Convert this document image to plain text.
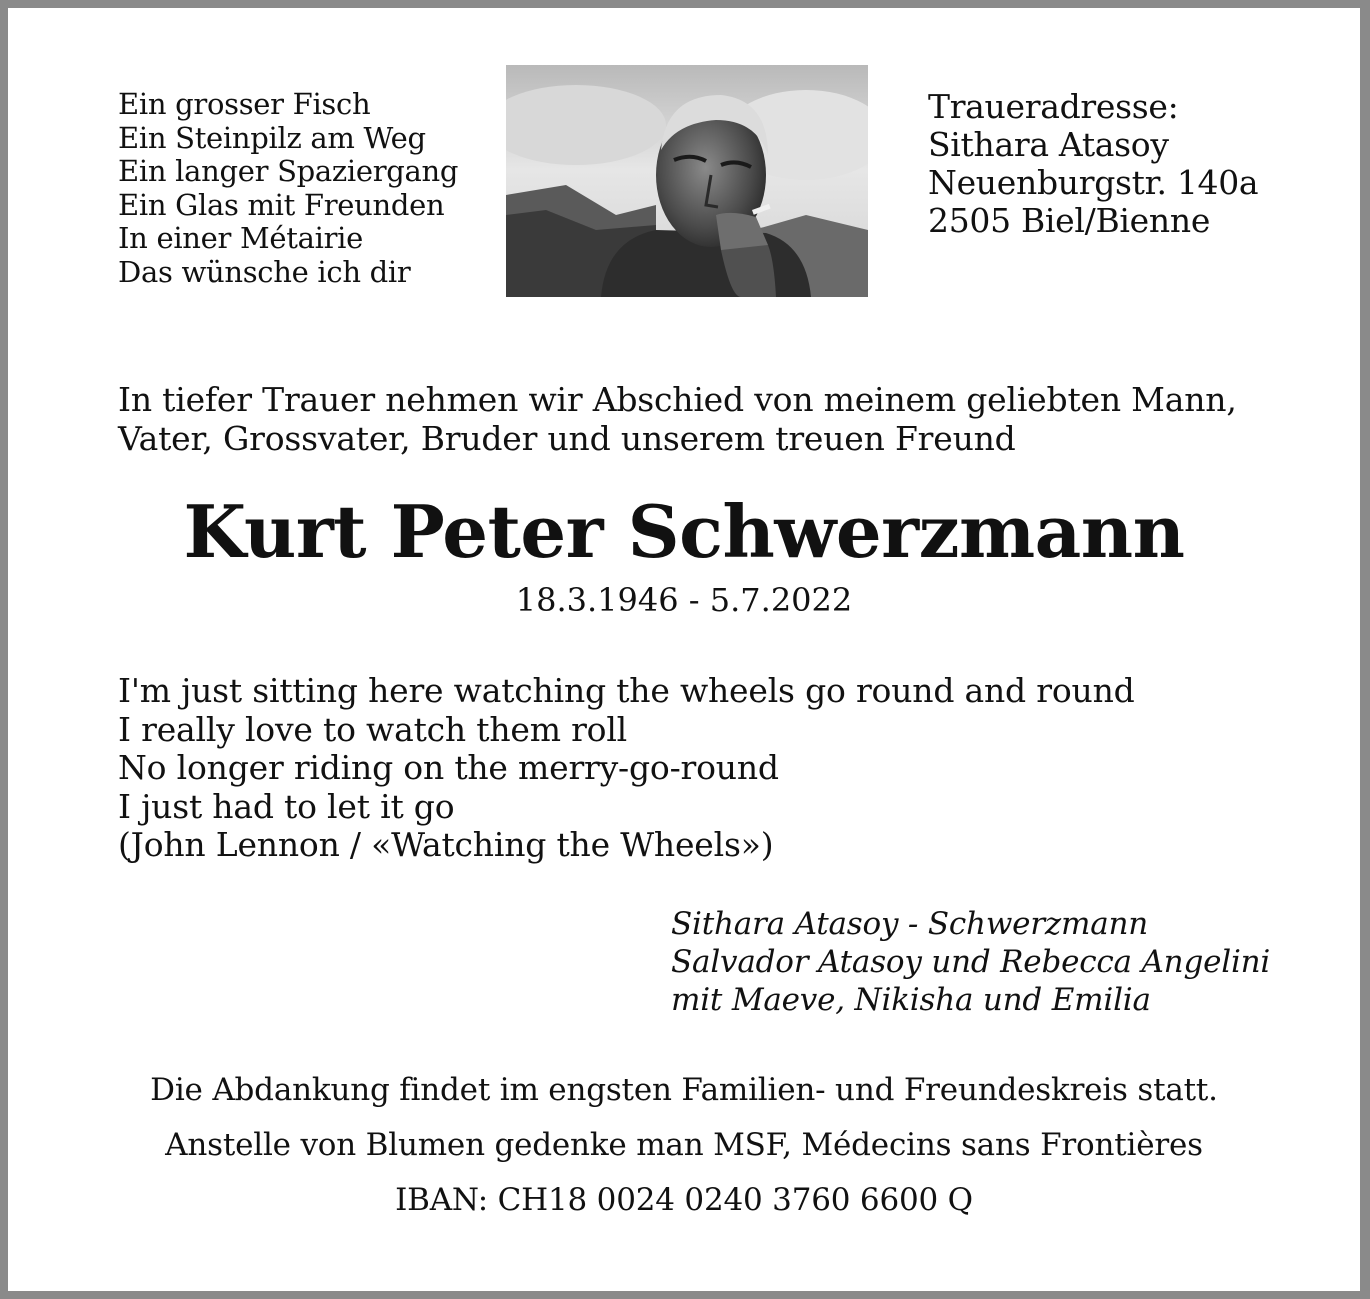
Ein grosser Fisch
Ein Steinpilz am Weg
Ein langer Spaziergang
Ein Glas mit Freunden
In einer Métairie
Das wünsche ich dir
Traueradresse:
Sithara Atasoy
Neuenburgstr. 140a
2505 Biel/Bienne
In tiefer Trauer nehmen wir Abschied von meinem geliebten Mann,
Vater, Grossvater, Bruder und unserem treuen Freund
Kurt Peter Schwerzmann
18.3.1946 - 5.7.2022
I'm just sitting here watching the wheels go round and round
I really love to watch them roll
No longer riding on the merry-go-round
I just had to let it go
(John Lennon / «Watching the Wheels»)
Sithara Atasoy - Schwerzmann
Salvador Atasoy und Rebecca Angelini
mit Maeve, Nikisha und Emilia
Die Abdankung findet im engsten Familien- und Freundeskreis statt.
Anstelle von Blumen gedenke man MSF, Médecins sans Frontières
IBAN: CH18 0024 0240 3760 6600 Q
